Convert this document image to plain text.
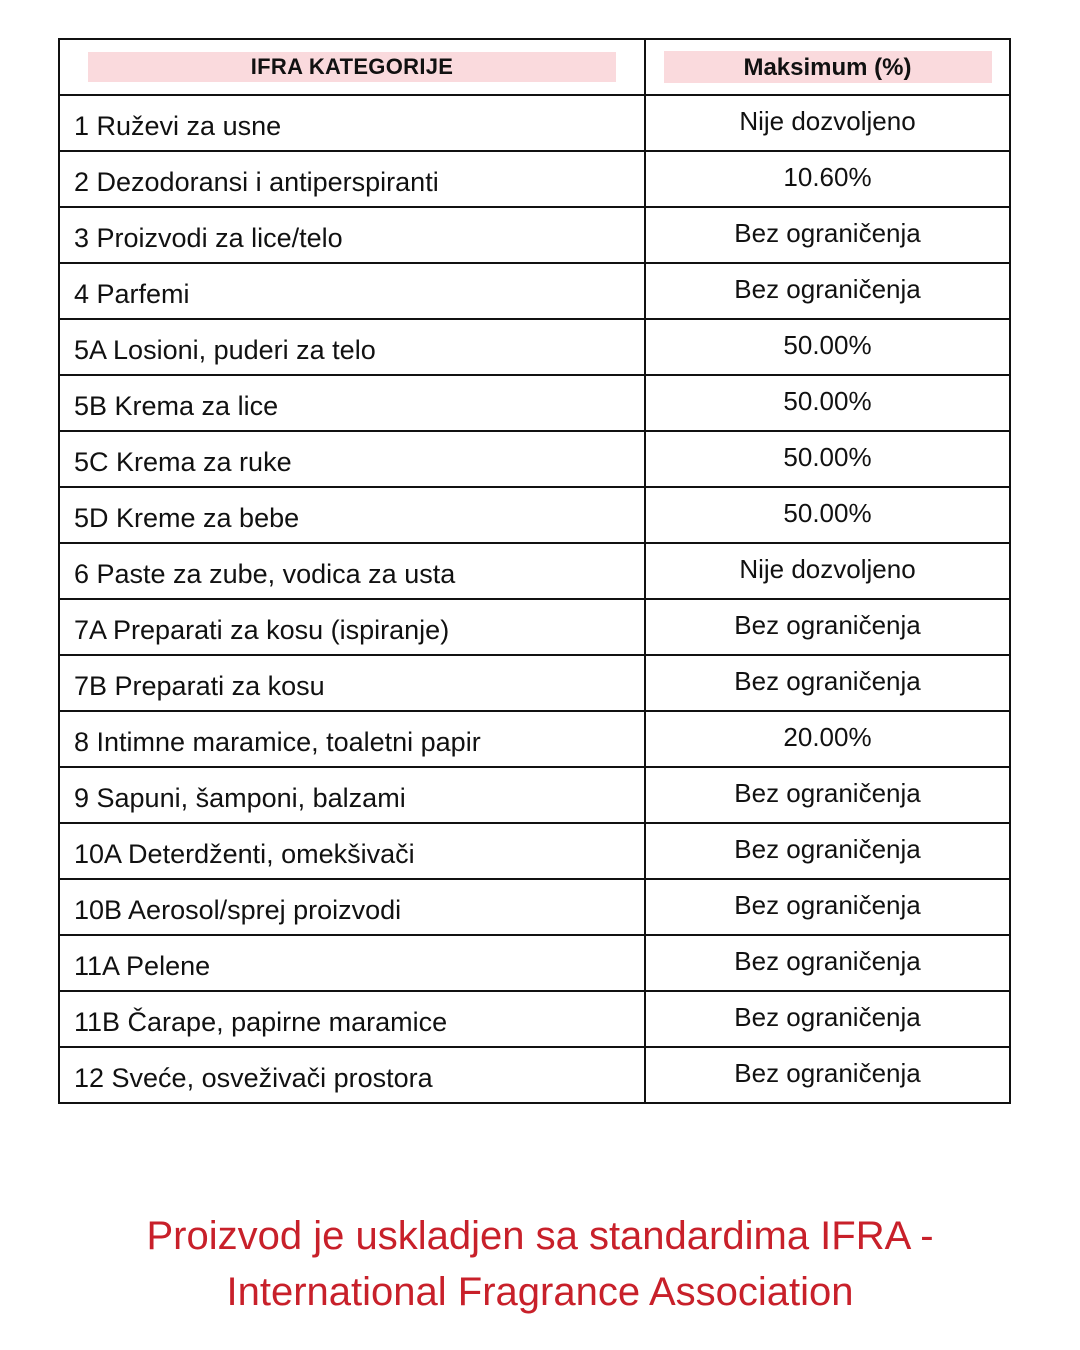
IFRA KATEGORIJE	Maksimum (%)

1 Ruževi za usne	Nije dozvoljeno
2 Dezodoransi i antiperspiranti	10.60%
3 Proizvodi za lice/telo	Bez ograničenja
4 Parfemi	Bez ograničenja
5A Losioni, puderi za telo	50.00%
5B Krema za lice	50.00%
5C Krema za ruke	50.00%
5D Kreme za bebe	50.00%
6 Paste za zube, vodica za usta	Nije dozvoljeno
7A Preparati za kosu (ispiranje)	Bez ograničenja
7B Preparati za kosu	Bez ograničenja
8 Intimne maramice, toaletni papir	20.00%
9 Sapuni, šamponi, balzami	Bez ograničenja
10A Deterdženti, omekšivači	Bez ograničenja
10B Aerosol/sprej proizvodi	Bez ograničenja
11A Pelene	Bez ograničenja
11B Čarape, papirne maramice	Bez ograničenja
12 Sveće, osveživači prostora	Bez ograničenja
Proizvod je uskladjen sa standardima IFRA -
International Fragrance Association
